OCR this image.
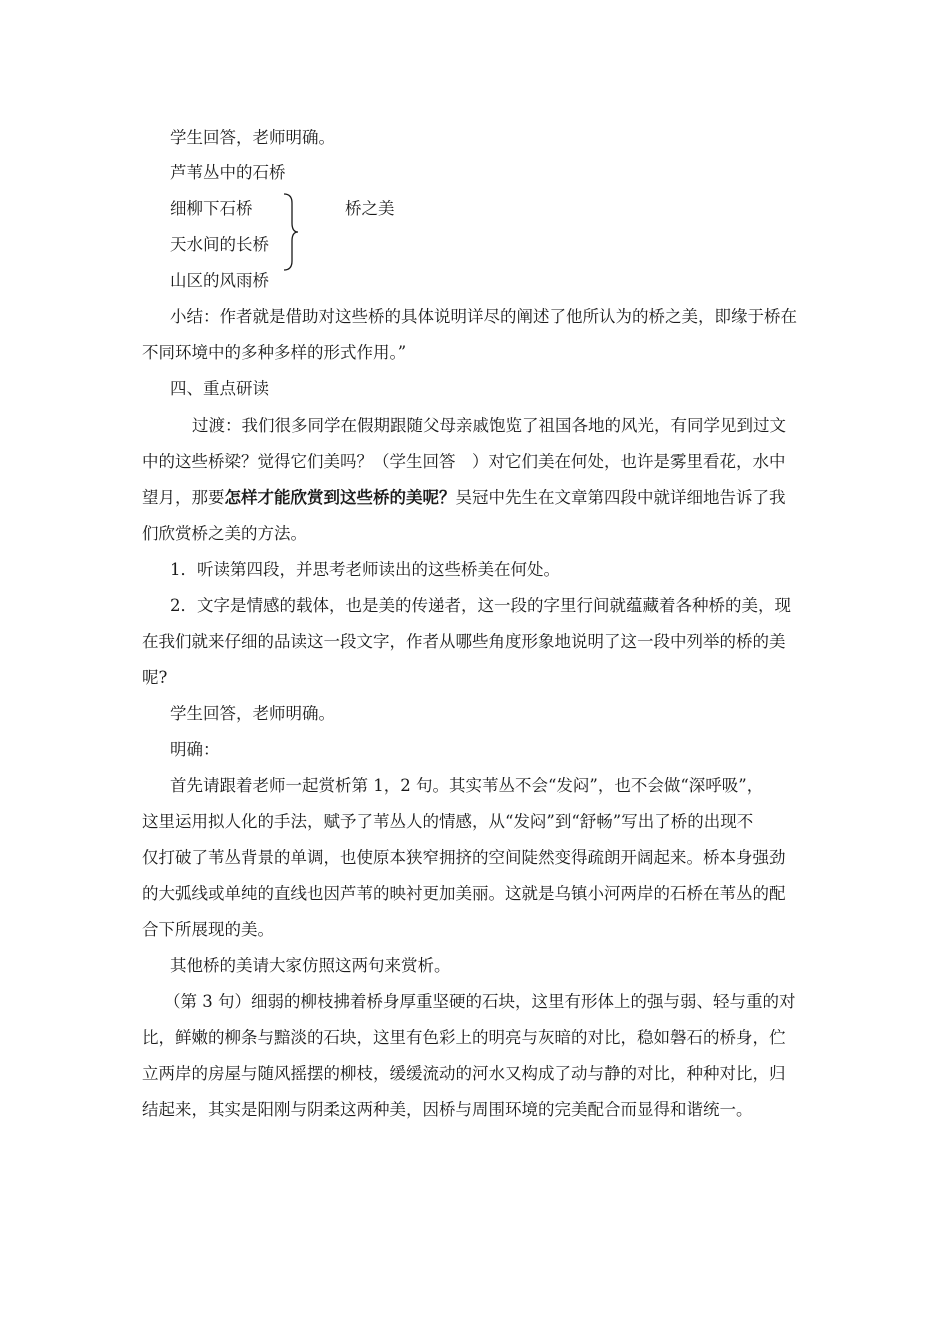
学生回答，老师明确。
芦苇丛中的石桥
细柳下石桥
天水间的长桥
山区的风雨桥
桥之美
小结：作者就是借助对这些桥的具体说明详尽的阐述了他所认为的桥之美，即缘于桥在
不同环境中的多种多样的形式作用。”
四、重点研读
过渡：我们很多同学在假期跟随父母亲戚饱览了祖国各地的风光，有同学见到过文
中的这些桥梁？觉得它们美吗？（学生回答　）对它们美在何处，也许是雾里看花，水中
望月，那要怎样才能欣赏到这些桥的美呢？吴冠中先生在文章第四段中就详细地告诉了我
们欣赏桥之美的方法。
1．听读第四段，并思考老师读出的这些桥美在何处。
2．文字是情感的载体，也是美的传递者，这一段的字里行间就蕴藏着各种桥的美，现
在我们就来仔细的品读这一段文字，作者从哪些角度形象地说明了这一段中列举的桥的美
呢?
学生回答，老师明确。
明确：
首先请跟着老师一起赏析第 1，2 句。其实苇丛不会“发闷”，也不会做“深呼吸”，
这里运用拟人化的手法，赋予了苇丛人的情感，从“发闷”到“舒畅”写出了桥的出现不
仅打破了苇丛背景的单调，也使原本狭窄拥挤的空间陡然变得疏朗开阔起来。桥本身强劲
的大弧线或单纯的直线也因芦苇的映衬更加美丽。这就是乌镇小河两岸的石桥在苇丛的配
合下所展现的美。
其他桥的美请大家仿照这两句来赏析。
（第 3 句）细弱的柳枝拂着桥身厚重坚硬的石块，这里有形体上的强与弱、轻与重的对
比，鲜嫩的柳条与黯淡的石块，这里有色彩上的明亮与灰暗的对比，稳如磐石的桥身，伫
立两岸的房屋与随风摇摆的柳枝，缓缓流动的河水又构成了动与静的对比，种种对比，归
结起来，其实是阳刚与阴柔这两种美，因桥与周围环境的完美配合而显得和谐统一。
